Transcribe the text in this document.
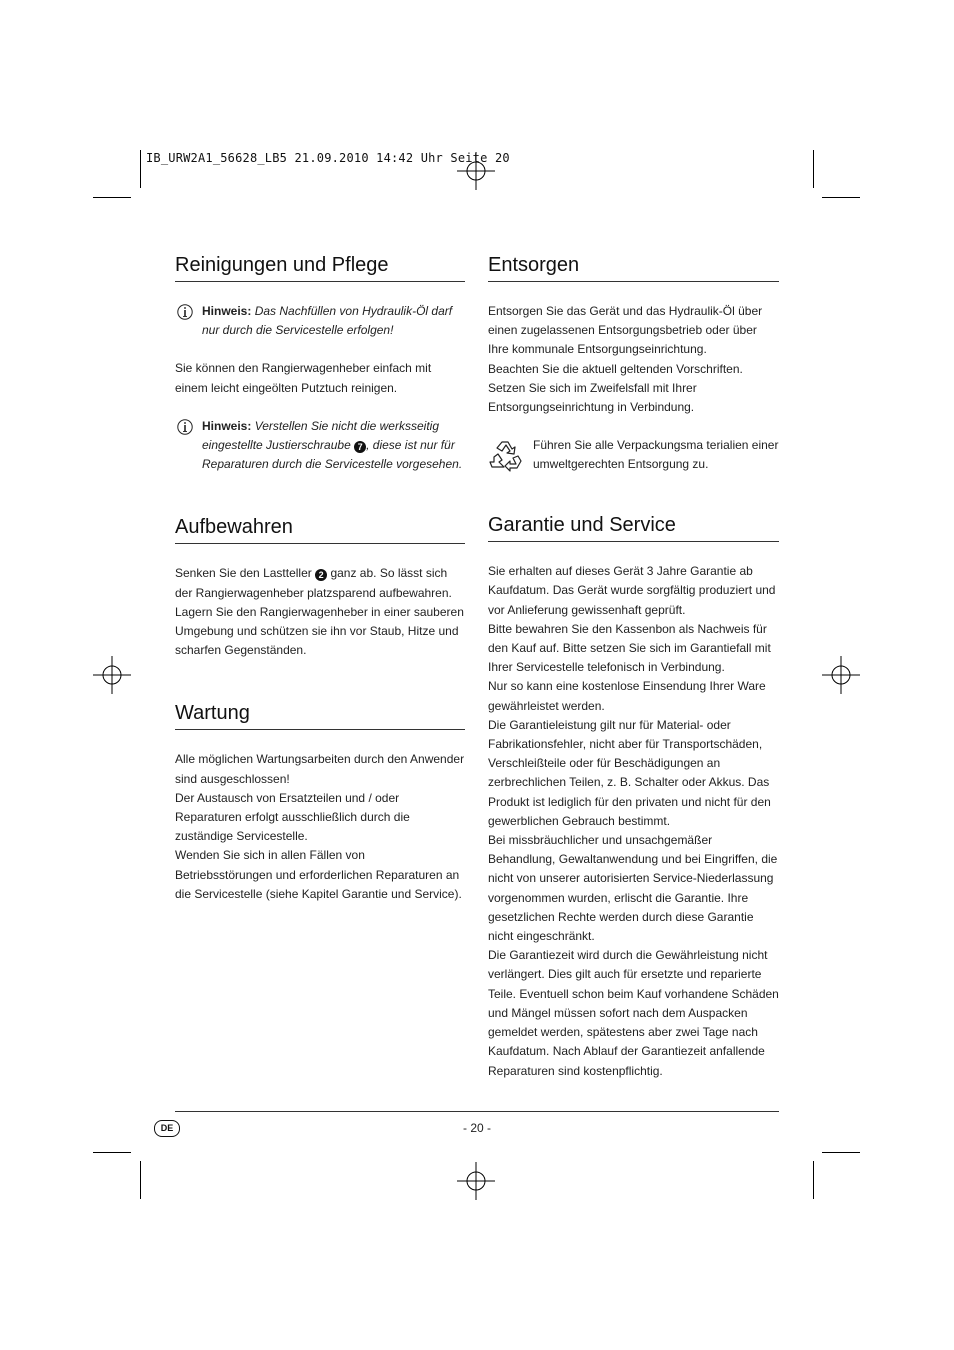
IB_URW2A1_56628_LB5 21.09.2010 14:42 Uhr Seite 20
Reinigungen und Pflege

Hinweis: Das Nachfüllen von Hydraulik-Öl darf nur durch die Servicestelle erfolgen!

Sie können den Rangierwagenheber einfach mit einem leicht eingeölten Putztuch reinigen.

Hinweis: Verstellen Sie nicht die werksseitig eingestellte Justierschraube 7 , diese ist nur für Reparaturen durch die Servicestelle vorgesehen.

Aufbewahren

Senken Sie den Lastteller 2 ganz ab. So lässt sich der Rangierwagenheber platzsparend aufbewahren. Lagern Sie den Rangierwagenheber in einer sauberen Umgebung und schützen sie ihn vor Staub, Hitze und scharfen Gegenständen.

Wartung

Alle möglichen Wartungsarbeiten durch den Anwender sind ausgeschlossen!

Der Austausch von Ersatzteilen und / oder Reparaturen erfolgt ausschließlich durch die zuständige Servicestelle.

Wenden Sie sich in allen Fällen von Betriebsstörungen und erforderlichen Reparaturen an die Servicestelle (siehe Kapitel Garantie und Service).

Entsorgen

Entsorgen Sie das Gerät und das Hydraulik-Öl über einen zugelassenen Entsorgungsbetrieb oder über Ihre kommunale Entsorgungseinrichtung.

Beachten Sie die aktuell geltenden Vorschriften.

Setzen Sie sich im Zweifelsfall mit Ihrer Entsorgungseinrichtung in Verbindung.

Führen Sie alle Verpackungsma terialien einer umweltgerechten Entsorgung zu.

Garantie und Service

Sie erhalten auf dieses Gerät 3 Jahre Garantie ab Kaufdatum. Das Gerät wurde sorgfältig produziert und vor Anlieferung gewissenhaft geprüft.

Bitte bewahren Sie den Kassenbon als Nachweis für den Kauf auf. Bitte setzen Sie sich im Garantiefall mit Ihrer Servicestelle telefonisch in Verbindung.

Nur so kann eine kostenlose Einsendung Ihrer Ware gewährleistet werden.

Die Garantieleistung gilt nur für Material- oder Fabrikationsfehler, nicht aber für Transportschäden, Verschleißteile oder für Beschädigungen an zerbrechlichen Teilen, z. B. Schalter oder Akkus. Das Produkt ist lediglich für den privaten und nicht für den gewerblichen Gebrauch bestimmt.

Bei missbräuchlicher und unsachgemäßer Behandlung, Gewaltanwendung und bei Eingriffen, die nicht von unserer autorisierten Service-Niederlassung vorgenommen wurden, erlischt die Garantie. Ihre gesetzlichen Rechte werden durch diese Garantie nicht eingeschränkt.

Die Garantiezeit wird durch die Gewährleistung nicht verlängert. Dies gilt auch für ersetzte und reparierte Teile. Eventuell schon beim Kauf vorhandene Schäden und Mängel müssen sofort nach dem Auspacken gemeldet werden, spätestens aber zwei Tage nach Kaufdatum. Nach Ablauf der Garantiezeit anfallende Reparaturen sind kostenpflichtig.

DE	- 20 -
